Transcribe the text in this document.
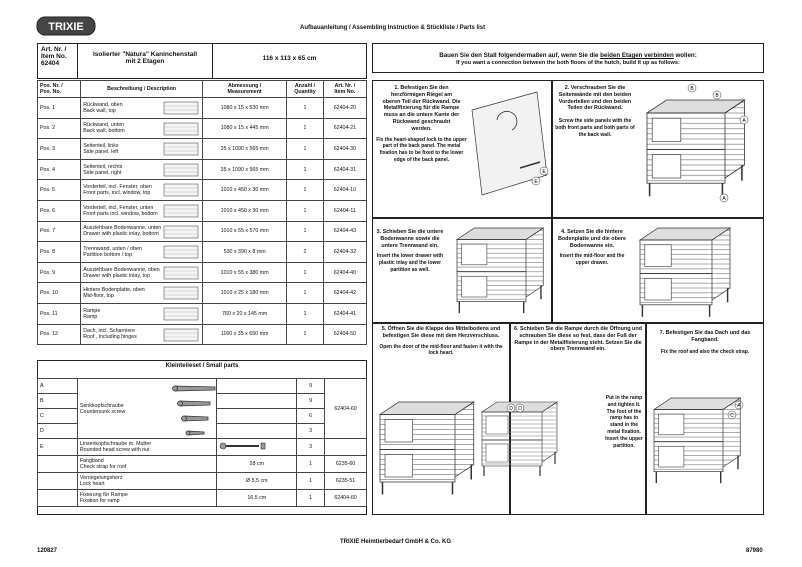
TRIXIE	Aufbauanleitung / Assembling Instruction & Stückliste / Parts list
Art. Nr. /
Item No.
62404
Isolierter "Natura" Kaninchenstall
mit 2 Etagen	116 x 113 x 65 cm
Pos. Nr. /
Pos. No.	Beschreibung / Description	Abmessung /
Measurement	Anzahl /
Quantity	Art. Nr. /
Item No.
Pos. 1	Rückwand, oben
Back wall, top	1080 x 15 x 530 mm	1	62404-20
Pos. 2	Rückwand, unten
Back wall, bottom	1080 x 15 x 445 mm	1	62404-21
Pos. 3	Seitenteil, links
Side panel, left	35 x 1090 x 565 mm	1	62404-30
Pos. 4	Seitenteil, rechts
Side panel, right	35 x 1090 x 565 mm	1	62404-31
Pos. 5	Vorderteil, incl. Fenster, oben
Front parts, incl. window, top	1010 x 450 x 30 mm	1	62404-10
Pos. 6	Vorderteil, incl. Fenster, unten
Front parts incl. window, bottom	1010 x 450 x 30 mm	1	62404-11
Pos. 7	Ausziehbare Bodenwanne, unten
Drawer with plastic inlay, bottom	1010 x 55 x 570 mm	1	62404-43
Pos. 8	Trennwand, unten / oben
Partition bottom / top	530 x 390 x 8 mm	2	62404-32
Pos. 9	Ausziehbare Bodenwanne, oben
Drawer with plastic inlay, top	1010 x 55 x 380 mm	1	62404-40
Pos. 10	Hintere Bodenplatte, oben
Mid-floor, top	1010 x 25 x 180 mm	1	62404-42
Pos. 11	Rampe
Ramp	760 x 20 x 145 mm	1	62404-41
Pos. 12	Dach, incl. Scharniere
Roof , including hinges	1160 x 35 x 650 mm	1	62404-50
Kleinteileset / Small parts
A	Senkkopfschraube
Countersunk screw		9	62404-60
B			9	
C			6	
D			3	
E	Linsenkopfschraube m. Mutter
Rounded head screw with nut		3	

	Fangband
Check strap for roof	28 cm	1	6235-60

	Verriegelungsherz
Lock heart	Ø 5,5 cm	1	6235-51

	Fixierung für Rampe
Fixation for ramp	16,5 cm	1	62404-60
Bauen Sie den Stall folgendermaßen auf, wenn Sie die beiden Etagen verbinden wollen:
If you want a connection between the both floors of the hutch, build it up as follows:
1. Befestigen Sie den herzförmigen Riegel am oberen Teil der Rückwand. Die Metallfixierung für die Rampe muss an die untere Kante der Rückwand geschraubt werden.
Fix the heart-shaped lock to the upper part of the back panel. The metal fixation has to be fixed to the lower edge of the back panel.
2. Verschrauben Sie die Seitenwände mit den beiden Vorderteilen und den beiden Teilen der Rückwand.
Screw the side panels with the both front parts and both parts of the back wall.
3. Schieben Sie die untere Bodenwanne sowie die untere Trennwand ein.
Insert the lower drawer with plastic inlay and the lower partition as well.
4. Setzen Sie die hintere Bodenplatte und die obere Bodenwanne ein.
Insert the mid-floor and the upper drawer.
5. Öffnen Sie die Klappe des Mittelbodens und befestigen Sie diese mit dem Herzverschluss.
Open the door of the mid-floor and fasten it with the lock heart.
6. Schieben Sie die Rampe durch die Öffnung und schrauben Sie diese so fest, dass der Fuß der Rampe in der Metallfixierung steht. Setzen Sie die obere Trennwand ein.
Put in the ramp and tighten it. The foot of the ramp has to stand in the metal fixation. Insert the upper partition.
7. Befestigen Sie das Dach und das Fangband.
Fix the roof and also the check strap.
E
E
B
A
A
B
D D
120827
TRIXIE Heimtierbedarf GmbH & Co. KG
87980
